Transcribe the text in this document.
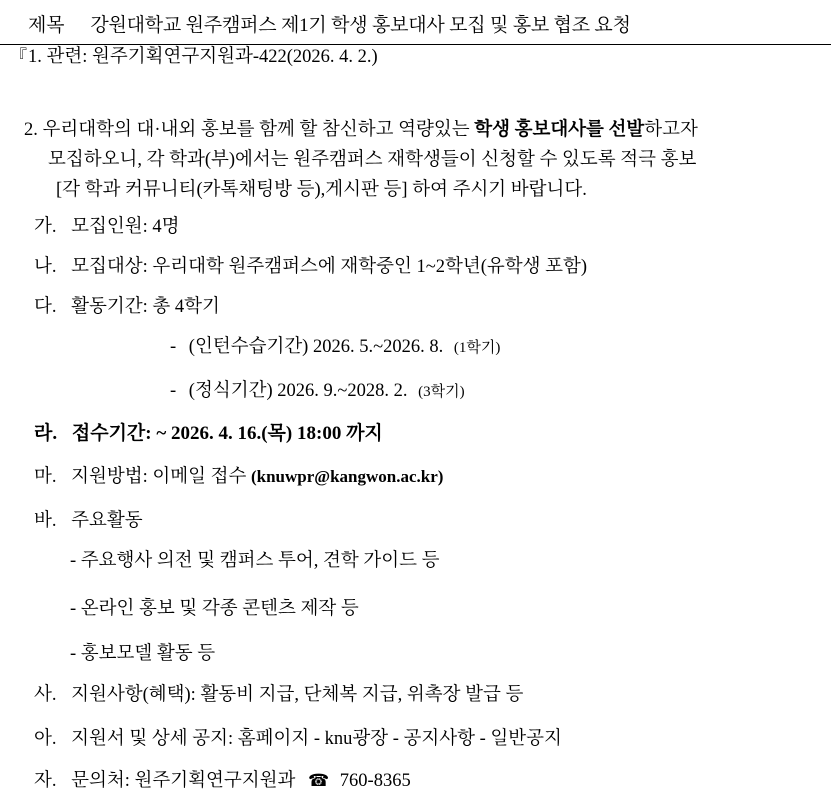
제목 강원대학교 원주캠퍼스 제1기 학생 홍보대사 모집 및 홍보 협조 요청
『 1. 관련: 원주기획연구지원과-422(2026. 4. 2.)
2. 우리대학의 대·내외 홍보를 함께 할 참신하고 역량있는 학생 홍보대사를 선발하고자
모집하오니, 각 학과(부)에서는 원주캠퍼스 재학생들이 신청할 수 있도록 적극 홍보
[각 학과 커뮤니티(카톡채팅방 등),게시판 등] 하여 주시기 바랍니다.
가. 모집인원: 4명
나. 모집대상: 우리대학 원주캠퍼스에 재학중인 1~2학년(유학생 포함)
다. 활동기간: 총 4학기
- (인턴수습기간) 2026. 5.~2026. 8. (1학기)
- (정식기간) 2026. 9.~2028. 2. (3학기)
라. 접수기간: ~ 2026. 4. 16.(목) 18:00 까지
마. 지원방법: 이메일 접수 (knuwpr@kangwon.ac.kr)
바. 주요활동
- 주요행사 의전 및 캠퍼스 투어, 견학 가이드 등
- 온라인 홍보 및 각종 콘텐츠 제작 등
- 홍보모델 활동 등
사. 지원사항(혜택): 활동비 지급, 단체복 지급, 위촉장 발급 등
아. 지원서 및 상세 공지: 홈페이지 - knu광장 - 공지사항 - 일반공지
자. 문의처: 원주기획연구지원과 ☎ 760-8365
